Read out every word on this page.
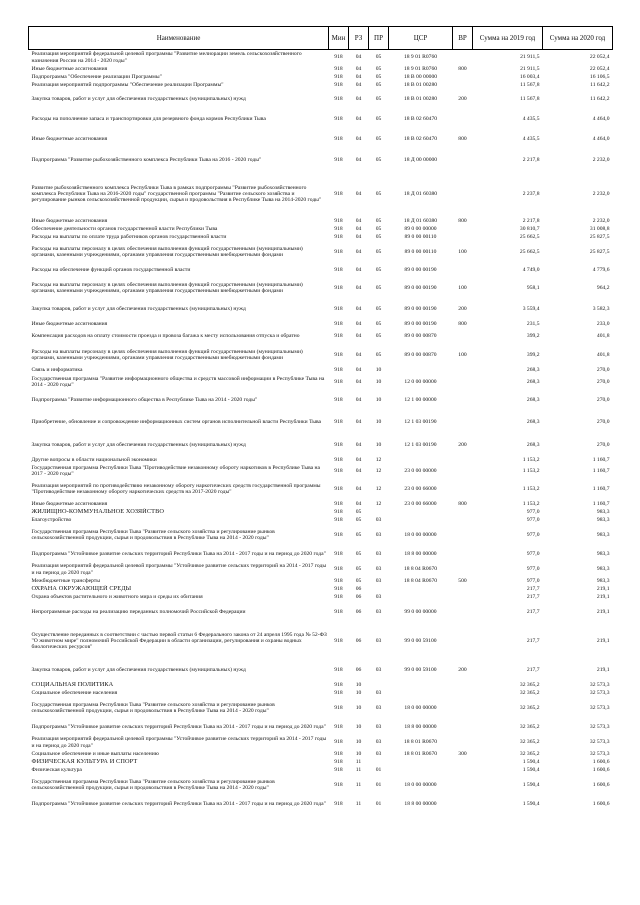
Наименование	Мин	РЗ	ПР	ЦСР	ВР	Сумма на 2019 год	Сумма на 2020 год
Реализация мероприятий федеральной целевой программы "Развитие мелиорации земель сельскохозяйственного назначения России на 2014 - 2020 годы"	918	04	05	18 9 01 R0760		21 911,5	22 052,4
Иные бюджетные ассигнования	918	04	05	18 9 01 R0760	800	21 911,5	22 052,4
Подпрограмма "Обеспечение реализации Программы"	918	04	05	18 В 00 00000		16 003,4	16 106,5
Реализация мероприятий подпрограммы "Обеспечение реализации Программы"	918	04	05	18 В 01 00280		11 567,8	11 642,2
Закупка товаров, работ и услуг для обеспечения государственных (муниципальных) нужд	918	04	05	18 В 01 00280	200	11 567,8	11 642,2
Расходы на пополнение запаса и транспортировки для резервного фонда кормов Республики Тыва	918	04	05	18 В 02 60470		4 435,5	4 464,0
Иные бюджетные ассигнования	918	04	05	18 В 02 60470	800	4 435,5	4 464,0
Подпрограмма "Развитие рыбохозяйственного комплекса Республики Тыва на 2016 - 2020 годы"	918	04	05	18 Д 00 00000		2 217,8	2 232,0
Развитие рыбохозяйственного комплекса Республики Тыва в рамках подпрограммы "Развитие рыбохозяйственного комплекса Республики Тыва на 2016-2020 годы" государственной программы "Развитие сельского хозяйства и регулирование рынков сельскохозяйственной продукции, сырья и продовольствия в Республике Тыва на 2014-2020 годы"	918	04	05	18 Д 01 60380		2 237,8	2 232,0
Иные бюджетные ассигнования	918	04	05	18 Д 01 60380	800	2 217,8	2 232,0
Обеспечение деятельности органов государственной власти Республики Тыва	918	04	05	89 0 00 00000		30 810,7	31 008,8
Расходы на выплаты по оплате труда работников органов государственной власти	918	04	05	89 0 00 00110		25 662,5	25 827,5
Расходы на выплаты персоналу в целях обеспечения выполнения функций государственными (муниципальными) органами, казенными учреждениями, органами управления государственными внебюджетными фондами	918	04	05	89 0 00 00110	100	25 662,5	25 827,5
Расходы на обеспечение функций органов государственной власти	918	04	05	89 0 00 00190		4 749,0	4 779,6
Расходы на выплаты персоналу в целях обеспечения выполнения функций государственными (муниципальными) органами, казенными учреждениями, органами управления государственными внебюджетными фондами	918	04	05	89 0 00 00190	100	958,1	964,2
Закупка товаров, работ и услуг для обеспечения государственных (муниципальных) нужд	918	04	05	89 0 00 00190	200	3 559,4	3 582,3
Иные бюджетные ассигнования	918	04	05	89 0 00 00190	800	231,5	233,0
Компенсация расходов на оплату стоимости проезда и провоза багажа к месту использования отпуска и обратно	918	04	05	89 0 00 00870		399,2	401,8
Расходы на выплаты персоналу в целях обеспечения выполнения функций государственными (муниципальными) органами, казенными учреждениями, органами управления государственными внебюджетными фондами	918	04	05	89 0 00 00870	100	399,2	401,8
Связь и информатика	918	04	10			268,3	270,0
Государственная программа "Развитие информационного общества и средств массовой информации в Республике Тыва на 2014 - 2020 годы"	918	04	10	12 0 00 00000		268,3	270,0
Подпрограмма "Развитие информационного общества в Республике Тыва на 2014 - 2020 годы"	918	04	10	12 1 00 00000		268,3	270,0
Приобретение, обновление и сопровождение информационных систем органов исполнительной власти Республики Тыва	918	04	10	12 1 03 00190		268,3	270,0
Закупка товаров, работ и услуг для обеспечения государственных (муниципальных) нужд	918	04	10	12 1 03 00190	200	268,3	270,0
Другие вопросы в области национальной экономики	918	04	12			1 153,2	1 160,7
Государственная программа Республики Тыва "Противодействие незаконному обороту наркотиков в Республике Тыва на 2017 - 2020 годы"	918	04	12	23 0 00 00000		1 153,2	1 160,7
Реализация мероприятий по противодействию незаконному обороту наркотических средств государственной программы "Противодействие незаконному обороту наркотических средств на 2017-2020 годы"	918	04	12	23 0 00 66000		1 153,2	1 160,7
Иные бюджетные ассигнования	918	04	12	23 0 00 66000	800	1 153,2	1 160,7
ЖИЛИЩНО-КОММУНАЛЬНОЕ ХОЗЯЙСТВО	918	05				977,0	983,3
Благоустройство	918	05	03			977,0	983,3
Государственная программа Республики Тыва "Развитие сельского хозяйства и регулирование рынков сельскохозяйственной продукции, сырья и продовольствия в Республике Тыва на 2014 - 2020 годы"	918	05	03	18 0 00 00000		977,0	983,3
Подпрограмма "Устойчивое развитие сельских территорий Республики Тыва на 2014 - 2017 годы и на период до 2020 года"	918	05	03	18 8 00 00000		977,0	983,3
Реализация мероприятий федеральной целевой программы "Устойчивое развитие сельских территорий на 2014 - 2017 годы и на период до 2020 года"	918	05	03	18 8 04 R0670		977,0	983,3
Межбюджетные трансферты	918	05	03	18 8 04 R0670	500	977,0	983,3
ОХРАНА ОКРУЖАЮЩЕЙ СРЕДЫ	918	06				217,7	219,1
Охрана объектов растительного и животного мира и среды их обитания	918	06	03			217,7	219,1
Непрограммные расходы на реализацию переданных полномочий Российской Федерации	918	06	03	99 0 00 00000		217,7	219,1
Осуществление переданных в соответствии с частью первой статьи 6 Федерального закона от 24 апреля 1995 года № 52-ФЗ "О животном мире" полномочий Российской Федерации в области организации, регулирования и охраны водных биологических ресурсов"	918	06	03	99 0 00 59100		217,7	219,1
Закупка товаров, работ и услуг для обеспечения государственных (муниципальных) нужд	918	06	03	99 0 00 59100	200	217,7	219,1
СОЦИАЛЬНАЯ ПОЛИТИКА	918	10				32 365,2	32 573,3
Социальное обеспечение населения	918	10	03			32 365,2	32 573,3
Государственная программа Республики Тыва "Развитие сельского хозяйства и регулирование рынков сельскохозяйственной продукции, сырья и продовольствия в Республике Тыва на 2014 - 2020 годы"	918	10	03	18 0 00 00000		32 365,2	32 573,3
Подпрограмма "Устойчивое развитие сельских территорий Республики Тыва на 2014 - 2017 годы и на период до 2020 года"	918	10	03	18 8 00 00000		32 365,2	32 573,3
Реализация мероприятий федеральной целевой программы "Устойчивое развитие сельских территорий на 2014 - 2017 годы и на период до 2020 года"	918	10	03	18 8 01 R0670		32 365,2	32 573,3
Социальное обеспечение и иные выплаты населению	918	10	03	18 8 01 R0670	300	32 365,2	32 573,3
ФИЗИЧЕСКАЯ КУЛЬТУРА И СПОРТ	918	11				1 590,4	1 600,6
Физическая культура	918	11	01			1 590,4	1 600,6
Государственная программа Республики Тыва "Развитие сельского хозяйства и регулирование рынков сельскохозяйственной продукции, сырья и продовольствия в Республике Тыва на 2014 - 2020 годы"	918	11	01	18 0 00 00000		1 590,4	1 600,6
Подпрограмма "Устойчивое развитие сельских территорий Республики Тыва на 2014 - 2017 годы и на период до 2020 года"	918	11	01	18 8 00 00000		1 590,4	1 600,6
